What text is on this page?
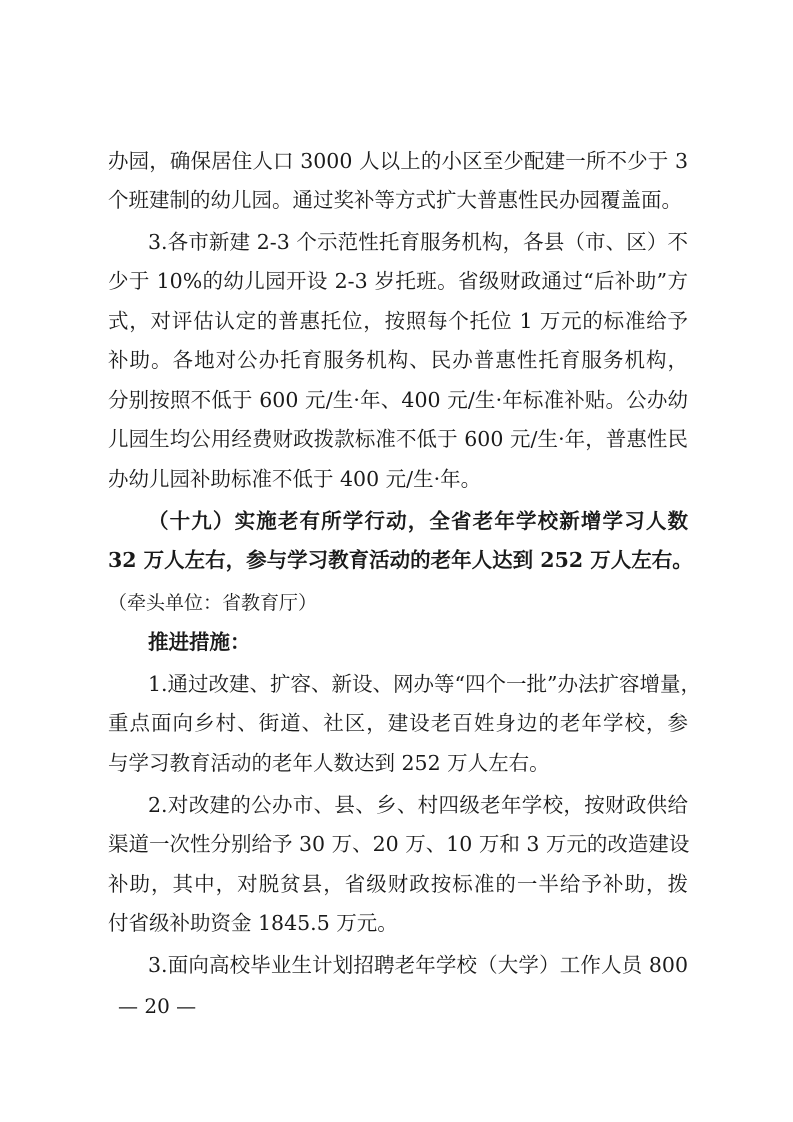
办园，确保居住人口 3000 人以上的小区至少配建一所不少于 3
个班建制的幼儿园。通过奖补等方式扩大普惠性民办园覆盖面。
3.各市新建 2-3 个示范性托育服务机构，各县（市、区）不
少于 10%的幼儿园开设 2-3 岁托班。省级财政通过“后补助”方
式，对评估认定的普惠托位，按照每个托位 1 万元的标准给予
补助。各地对公办托育服务机构、民办普惠性托育服务机构，
分别按照不低于 600 元/生·年、400 元/生·年标准补贴。公办幼
儿园生均公用经费财政拨款标准不低于 600 元/生·年，普惠性民
办幼儿园补助标准不低于 400 元/生·年。
（十九）实施老有所学行动，全省老年学校新增学习人数
32 万人左右，参与学习教育活动的老年人达到 252 万人左右。
（牵头单位：省教育厅）
推进措施：
1.通过改建、扩容、新设、网办等“四个一批”办法扩容增量，
重点面向乡村、街道、社区，建设老百姓身边的老年学校，参
与学习教育活动的老年人数达到 252 万人左右。
2.对改建的公办市、县、乡、村四级老年学校，按财政供给
渠道一次性分别给予 30 万、20 万、10 万和 3 万元的改造建设
补助，其中，对脱贫县，省级财政按标准的一半给予补助，拨
付省级补助资金 1845.5 万元。
3.面向高校毕业生计划招聘老年学校（大学）工作人员 800
— 20 —
